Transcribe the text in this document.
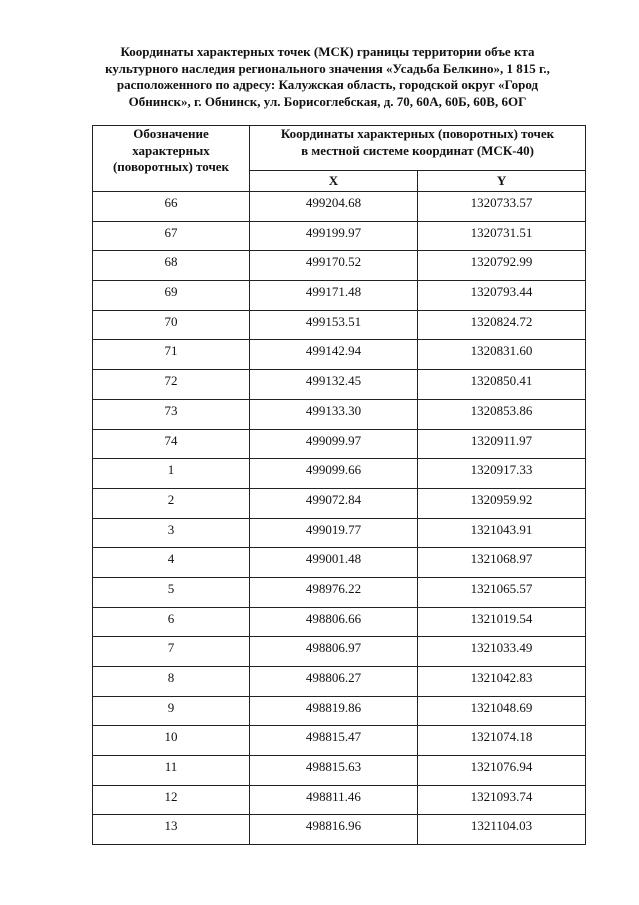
Координаты характерных точек (МСК) границы территории объе кта
культурного наследия регионального значения «Усадьба Белкино», 1 815 г.,
расположенного по адресу: Калужская область, городской округ «Город
Обнинск», г. Обнинск, ул. Борисоглебская, д. 70, 60А, 60Б, 60В, 6ОГ
Обозначение
характерных
(поворотных) точек	Координаты характерных (поворотных) точек
в местной системе координат (МСК-40)	

	X	Y
66	499204.68	1320733.57
67	499199.97	1320731.51
68	499170.52	1320792.99
69	499171.48	1320793.44
70	499153.51	1320824.72
71	499142.94	1320831.60
72	499132.45	1320850.41
73	499133.30	1320853.86
74	499099.97	1320911.97
1	499099.66	1320917.33
2	499072.84	1320959.92
3	499019.77	1321043.91
4	499001.48	1321068.97
5	498976.22	1321065.57
6	498806.66	1321019.54
7	498806.97	1321033.49
8	498806.27	1321042.83
9	498819.86	1321048.69
10	498815.47	1321074.18
11	498815.63	1321076.94
12	498811.46	1321093.74
13	498816.96	1321104.03
